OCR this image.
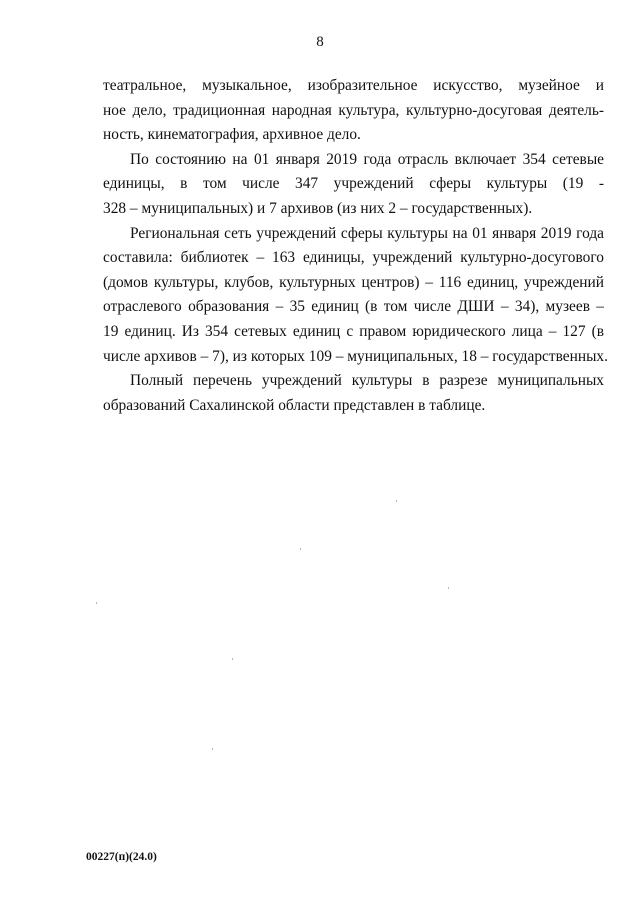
8
театральное, музыкальное, изобразительное искусство, музейное и
ное дело, традиционная народная культура, культурно-досуговая деятель-
ность, кинематография, архивное дело.
По состоянию на 01 января 2019 года отрасль включает 354 сетевые
единицы, в том числе 347 учреждений сферы культуры (19 -
328 – муниципальных) и 7 архивов (из них 2 – государственных).
Региональная сеть учреждений сферы культуры на 01 января 2019 года
составила: библиотек – 163 единицы, учреждений культурно-досугового
(домов культуры, клубов, культурных центров) – 116 единиц, учреждений
отраслевого образования – 35 единиц (в том числе ДШИ – 34), музеев –
19 единиц. Из 354 сетевых единиц с правом юридического лица – 127 (в
числе архивов – 7), из которых 109 – муниципальных, 18 – государственных.
Полный перечень учреждений культуры в разрезе муниципальных
образований Сахалинской области представлен в таблице.
00227(п)(24.0)
